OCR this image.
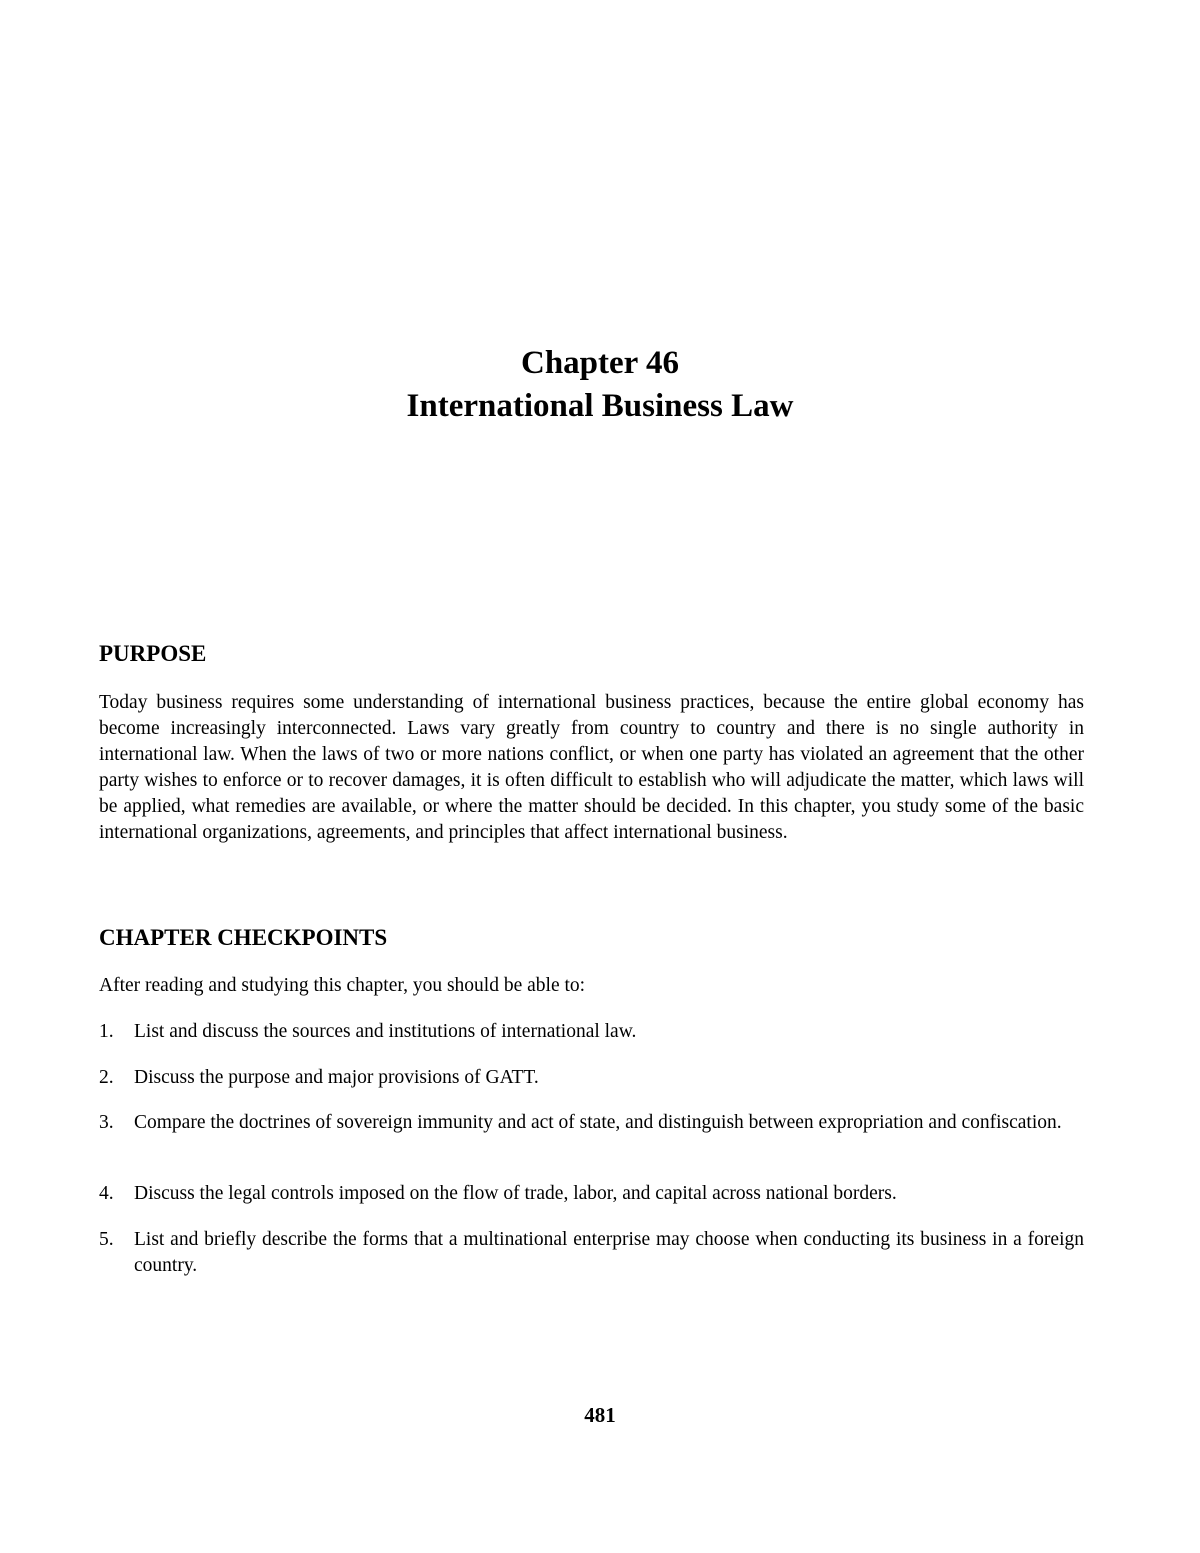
Chapter 46
International Business Law
PURPOSE

Today business requires some understanding of international business practices, because the entire global economy has become increasingly interconnected. Laws vary greatly from country to country and there is no single authority in international law. When the laws of two or more nations conflict, or when one party has violated an agreement that the other party wishes to enforce or to recover damages, it is often difficult to establish who will adjudicate the matter, which laws will be applied, what remedies are available, or where the matter should be decided. In this chapter, you study some of the basic international organizations, agreements, and principles that affect international business.

CHAPTER CHECKPOINTS

After reading and studying this chapter, you should be able to:

1. List and discuss the sources and institutions of international law.
2. Discuss the purpose and major provisions of GATT.
3. Compare the doctrines of sovereign immunity and act of state, and distinguish between expropriation and confiscation.
4. Discuss the legal controls imposed on the flow of trade, labor, and capital across national borders.
5. List and briefly describe the forms that a multinational enterprise may choose when conducting its business in a foreign country.

481
